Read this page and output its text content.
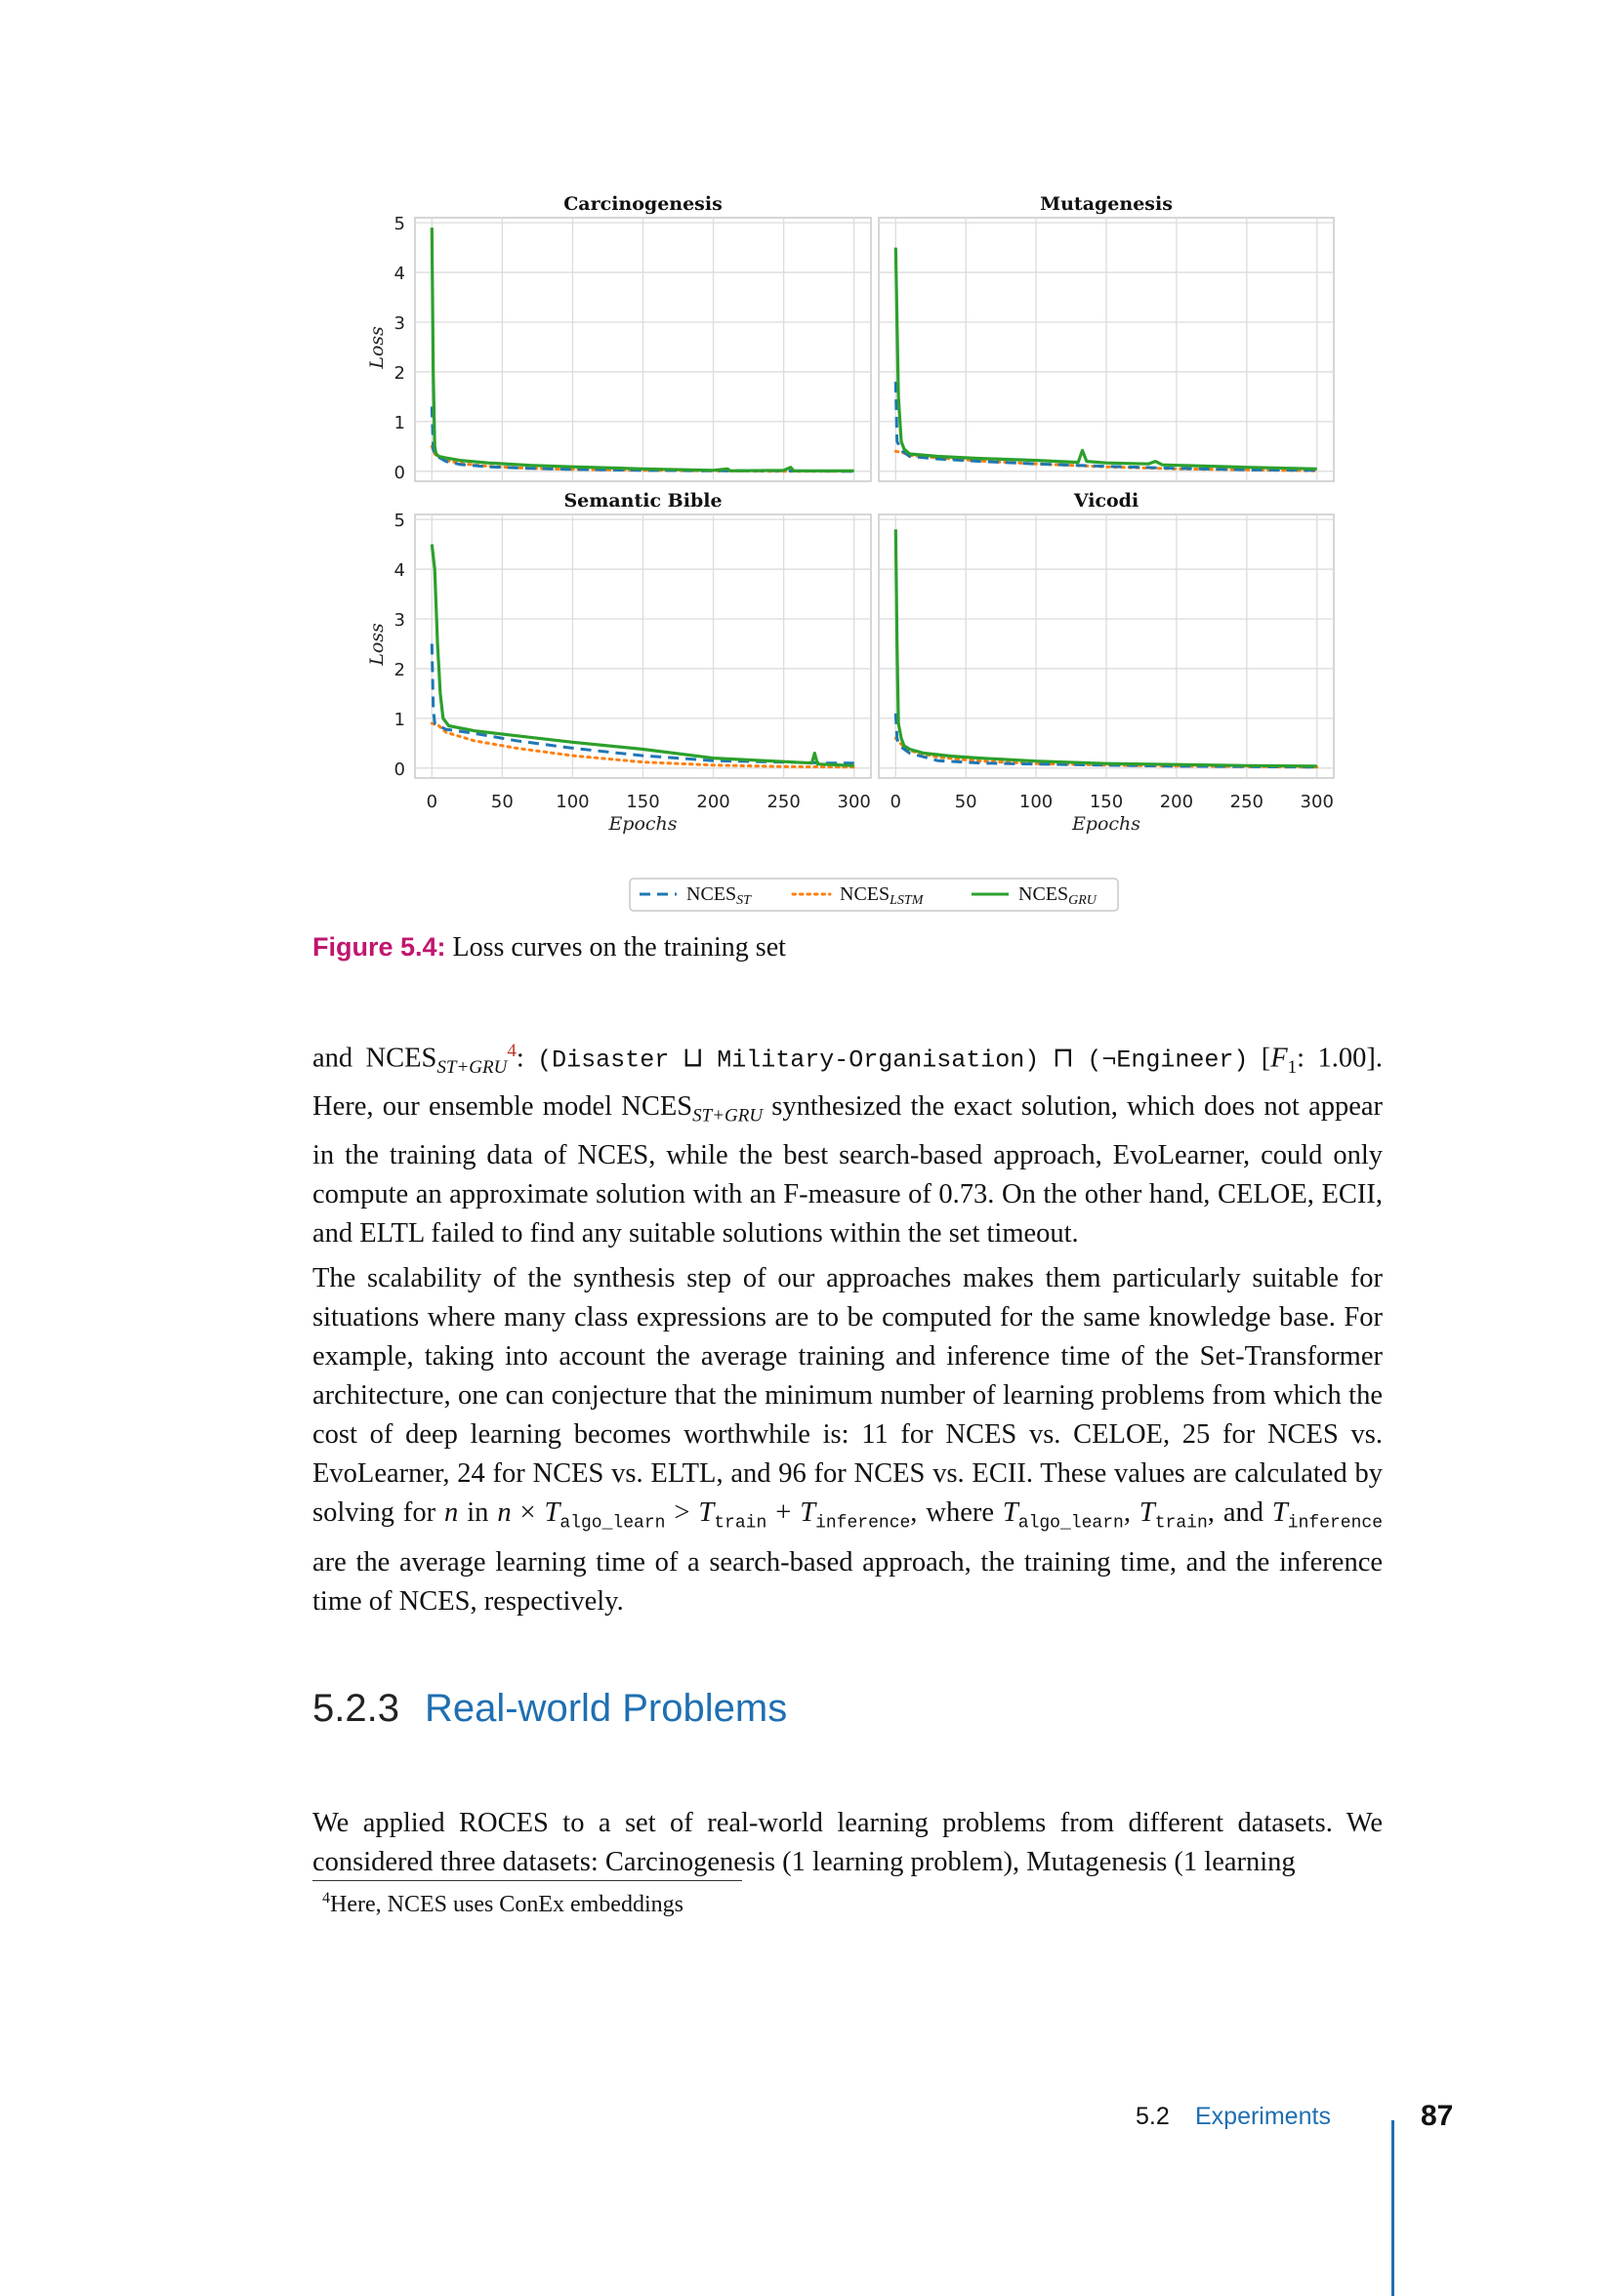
Carcinogenesis
0
1
2
3
4
5
Loss
Mutagenesis
Semantic Bible
0
1
2
3
4
5
Loss
0	50 100 150 200 250 300
Epochs
Vicodi
0	50 100 150 200 250 300
Epochs
$NCES_{ST}$	$NCES_{LSTM}$	$NCES_{GRU}$
Figure 5.4: Loss curves on the training set

and $NCES_{ST+GRU}^4$: (Disaster ⊔ Military-Organisation) ⊓ (¬Engineer) [$F_1$: 1.00]. Here, our ensemble model $NCES_{ST+GRU}$ synthesized the exact solution, which does not appear in the training data of NCES, while the best search-based approach, EvoLearner, could only compute an approximate solution with an F-measure of 0.73. On the other hand, CELOE, ECII, and ELTL failed to find any suitable solutions within the set timeout.

The scalability of the synthesis step of our approaches makes them particularly suitable for situations where many class expressions are to be computed for the same knowledge base. For example, taking into account the average training and inference time of the Set-Transformer architecture, one can conjecture that the minimum number of learning problems from which the cost of deep learning becomes worthwhile is: 11 for NCES vs. CELOE, 25 for NCES vs. EvoLearner, 24 for NCES vs. ELTL, and 96 for NCES vs. ECII. These values are calculated by solving for n in $n \times T_{algo\_learn} > T_{train} + T_{inference}$, where $T_{algo\_learn}$, $T_{train}$, and $T_{inference}$ are the average learning time of a search-based approach, the training time, and the inference time of NCES, respectively.

5.2.3 Real-world Problems

We applied ROCES to a set of real-world learning problems from different datasets. We considered three datasets: Carcinogenesis (1 learning problem), Mutagenesis (1 learning

$^4$Here, NCES uses ConEx embeddings
5.2 Experiments	87
